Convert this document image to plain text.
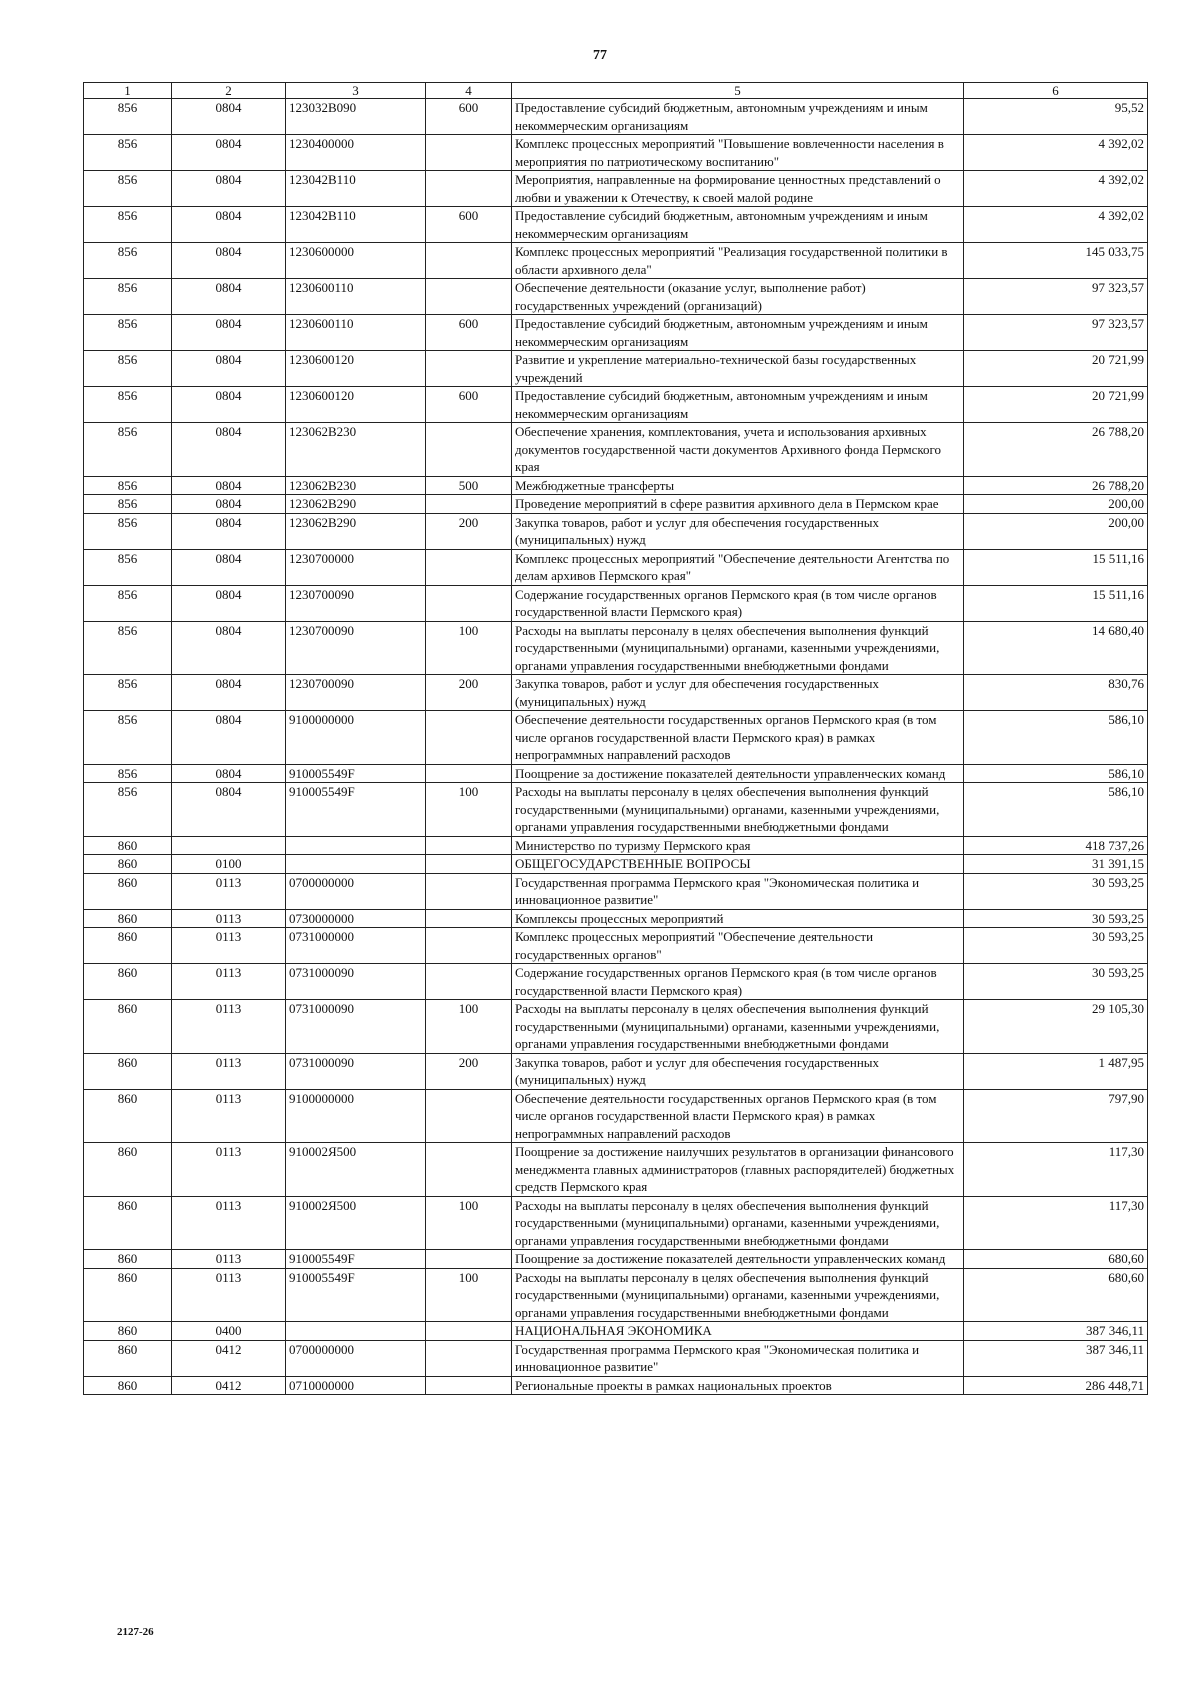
77
1	2	3	4	5	6
856	0804	123032В090	600	Предоставление субсидий бюджетным, автономным учреждениям и иным некоммерческим организациям	95,52
856	0804	1230400000		Комплекс процессных мероприятий "Повышение вовлеченности населения в мероприятия по патриотическому воспитанию"	4 392,02
856	0804	123042В110		Мероприятия, направленные на формирование ценностных представлений о любви и уважении к Отечеству, к своей малой родине	4 392,02
856	0804	123042В110	600	Предоставление субсидий бюджетным, автономным учреждениям и иным некоммерческим организациям	4 392,02
856	0804	1230600000		Комплекс процессных мероприятий "Реализация государственной политики в области архивного дела"	145 033,75
856	0804	1230600110		Обеспечение деятельности (оказание услуг, выполнение работ) государственных учреждений (организаций)	97 323,57
856	0804	1230600110	600	Предоставление субсидий бюджетным, автономным учреждениям и иным некоммерческим организациям	97 323,57
856	0804	1230600120		Развитие и укрепление материально-технической базы государственных учреждений	20 721,99
856	0804	1230600120	600	Предоставление субсидий бюджетным, автономным учреждениям и иным некоммерческим организациям	20 721,99
856	0804	123062В230		Обеспечение хранения, комплектования, учета и использования архивных документов государственной части документов Архивного фонда Пермского края	26 788,20
856	0804	123062В230	500	Межбюджетные трансферты	26 788,20
856	0804	123062В290		Проведение мероприятий в сфере развития архивного дела в Пермском крае	200,00
856	0804	123062В290	200	Закупка товаров, работ и услуг для обеспечения государственных (муниципальных) нужд	200,00
856	0804	1230700000		Комплекс процессных мероприятий "Обеспечение деятельности Агентства по делам архивов Пермского края"	15 511,16
856	0804	1230700090		Содержание государственных органов Пермского края (в том числе органов государственной власти Пермского края)	15 511,16
856	0804	1230700090	100	Расходы на выплаты персоналу в целях обеспечения выполнения функций государственными (муниципальными) органами, казенными учреждениями, органами управления государственными внебюджетными фондами	14 680,40
856	0804	1230700090	200	Закупка товаров, работ и услуг для обеспечения государственных (муниципальных) нужд	830,76
856	0804	9100000000		Обеспечение деятельности государственных органов Пермского края (в том числе органов государственной власти Пермского края) в рамках непрограммных направлений расходов	586,10
856	0804	910005549F		Поощрение за достижение показателей деятельности управленческих команд	586,10
856	0804	910005549F	100	Расходы на выплаты персоналу в целях обеспечения выполнения функций государственными (муниципальными) органами, казенными учреждениями, органами управления государственными внебюджетными фондами	586,10
860				Министерство по туризму Пермского края	418 737,26
860	0100			ОБЩЕГОСУДАРСТВЕННЫЕ ВОПРОСЫ	31 391,15
860	0113	0700000000		Государственная программа Пермского края "Экономическая политика и инновационное развитие"	30 593,25
860	0113	0730000000		Комплексы процессных мероприятий	30 593,25
860	0113	0731000000		Комплекс процессных мероприятий "Обеспечение деятельности государственных органов"	30 593,25
860	0113	0731000090		Содержание государственных органов Пермского края (в том числе органов государственной власти Пермского края)	30 593,25
860	0113	0731000090	100	Расходы на выплаты персоналу в целях обеспечения выполнения функций государственными (муниципальными) органами, казенными учреждениями, органами управления государственными внебюджетными фондами	29 105,30
860	0113	0731000090	200	Закупка товаров, работ и услуг для обеспечения государственных (муниципальных) нужд	1 487,95
860	0113	9100000000		Обеспечение деятельности государственных органов Пермского края (в том числе органов государственной власти Пермского края) в рамках непрограммных направлений расходов	797,90
860	0113	910002Я500		Поощрение за достижение наилучших результатов в организации финансового менеджмента главных администраторов (главных распорядителей) бюджетных средств Пермского края	117,30
860	0113	910002Я500	100	Расходы на выплаты персоналу в целях обеспечения выполнения функций государственными (муниципальными) органами, казенными учреждениями, органами управления государственными внебюджетными фондами	117,30
860	0113	910005549F		Поощрение за достижение показателей деятельности управленческих команд	680,60
860	0113	910005549F	100	Расходы на выплаты персоналу в целях обеспечения выполнения функций государственными (муниципальными) органами, казенными учреждениями, органами управления государственными внебюджетными фондами	680,60
860	0400			НАЦИОНАЛЬНАЯ ЭКОНОМИКА	387 346,11
860	0412	0700000000		Государственная программа Пермского края "Экономическая политика и инновационное развитие"	387 346,11
860	0412	0710000000		Региональные проекты в рамках национальных проектов	286 448,71
2127-26
